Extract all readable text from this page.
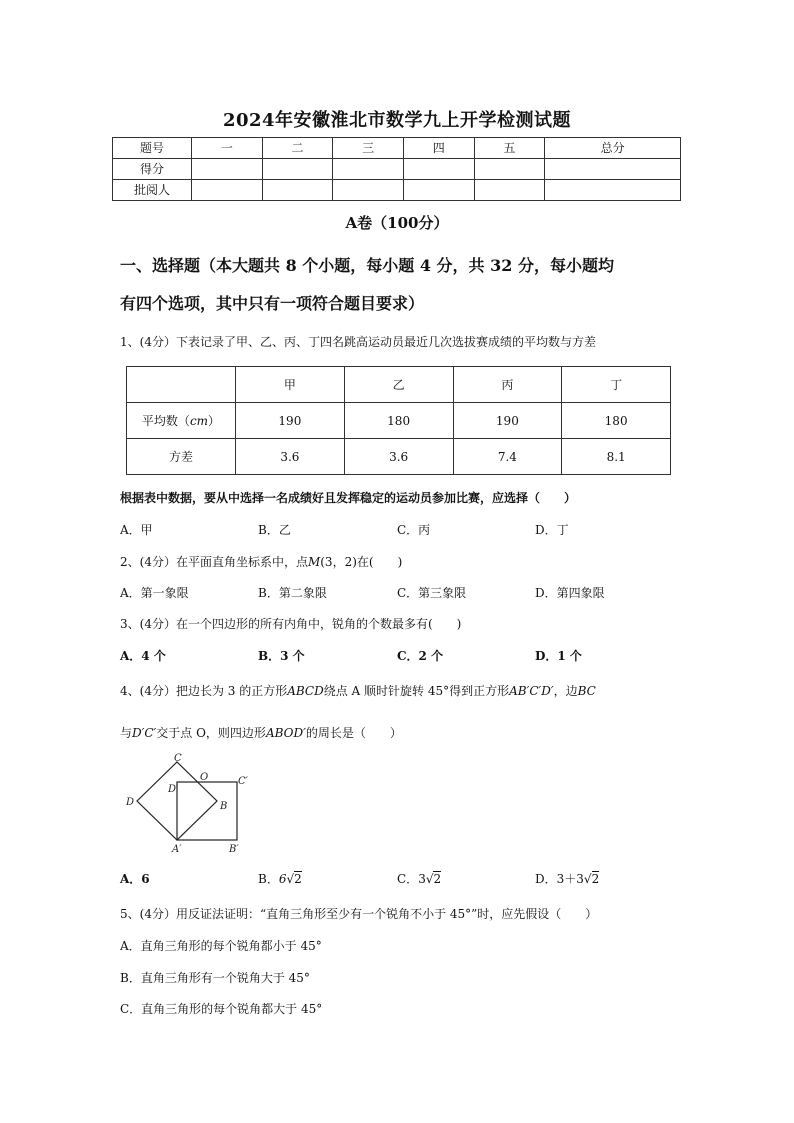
2024年安徽淮北市数学九上开学检测试题
题号	一	二	三	四	五	总分
得分						
批阅人						
A卷（100分）
一、选择题（本大题共 8 个小题，每小题 4 分，共 32 分，每小题均
有四个选项，其中只有一项符合题目要求）
1、(4分）下表记录了甲、乙、丙、丁四名跳高运动员最近几次选拔赛成绩的平均数与方差
	甲	乙	丙	丁
平均数（cm）	190	180	190	180
方差	3.6	3.6	7.4	8.1
根据表中数据，要从中选择一名成绩好且发挥稳定的运动员参加比赛，应选择（　　）
A．甲	B．乙	C．丙	D．丁
2、(4分）在平面直角坐标系中，点M(3，2)在(　　)
A．第一象限	B．第二象限	C．第三象限	D．第四象限
3、(4分）在一个四边形的所有内角中，锐角的个数最多有(　　)
A．4 个	B．3 个	C．2 个	D．1 个
4、(4分）把边长为 3 的正方形ABCD绕点 A 顺时针旋转 45°得到正方形AB′C′D′，边BC
与D′C′交于点 O，则四边形ABOD′的周长是（　　）
C
O	C′
D
D′
B
A′	B′
A．6	B．6√2	C．3√2	D．3＋3√2
5、(4分）用反证法证明：“直角三角形至少有一个锐角不小于 45°”时，应先假设（　　）
A．直角三角形的每个锐角都小于 45°
B．直角三角形有一个锐角大于 45°
C．直角三角形的每个锐角都大于 45°
